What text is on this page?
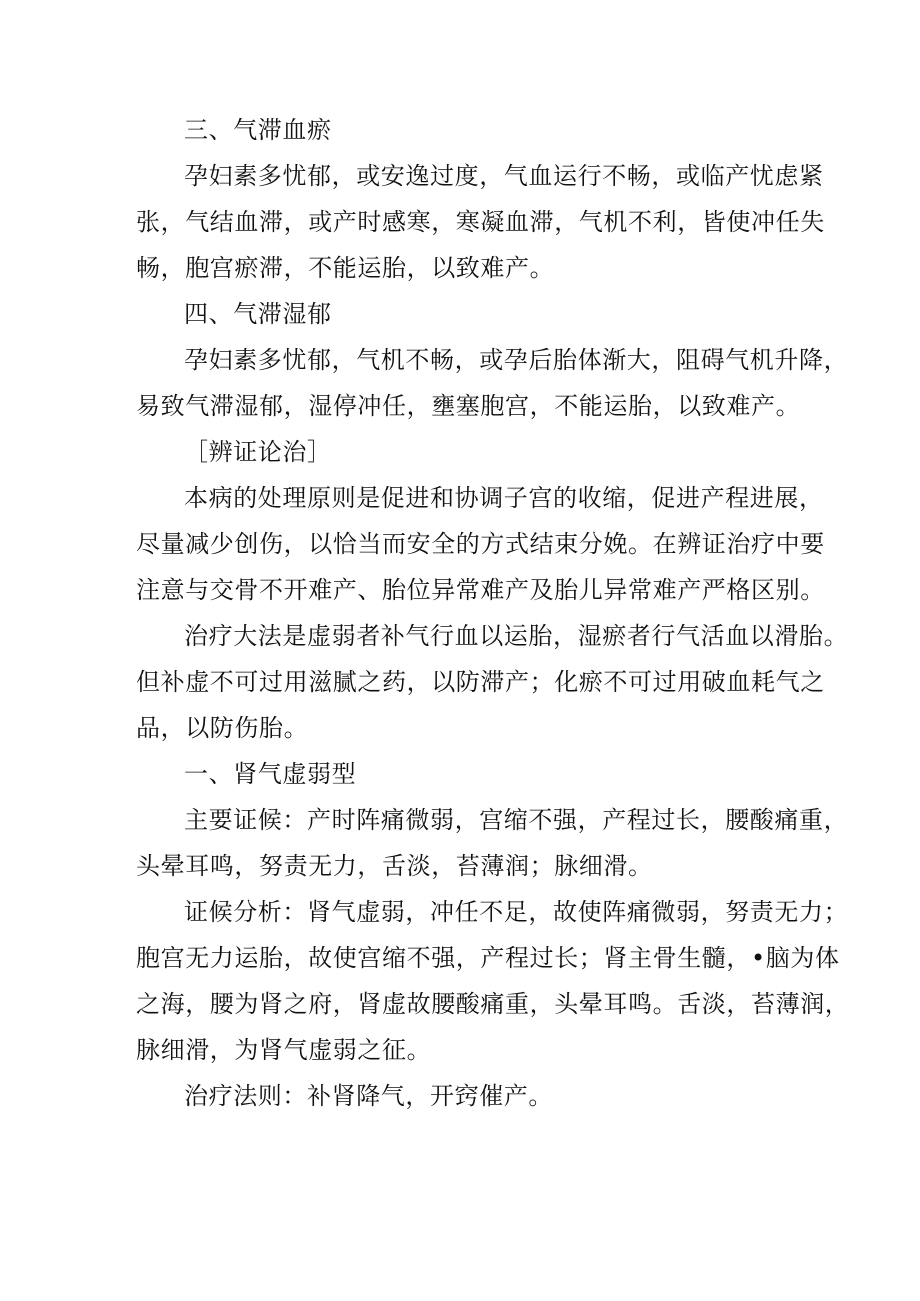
三、气滞血瘀
孕妇素多忧郁，或安逸过度，气血运行不畅，或临产忧虑紧
张，气结血滞，或产时感寒，寒凝血滞，气机不利，皆使冲任失
畅，胞宫瘀滞，不能运胎，以致难产。
四、气滞湿郁
孕妇素多忧郁，气机不畅，或孕后胎体渐大，阻碍气机升降，
易致气滞湿郁，湿停冲任，壅塞胞宫，不能运胎，以致难产。
［辨证论治］
本病的处理原则是促进和协调子宫的收缩，促进产程进展，
尽量减少创伤，以恰当而安全的方式结束分娩。在辨证治疗中要
注意与交骨不开难产、胎位异常难产及胎儿异常难产严格区别。
治疗大法是虚弱者补气行血以运胎，湿瘀者行气活血以滑胎。
但补虚不可过用滋腻之药，以防滞产；化瘀不可过用破血耗气之
品，以防伤胎。
一、肾气虚弱型
主要证候：产时阵痛微弱，宫缩不强，产程过长，腰酸痛重，
头晕耳鸣，努责无力，舌淡，苔薄润；脉细滑。
证候分析：肾气虚弱，冲任不足，故使阵痛微弱，努责无力；
胞宫无力运胎，故使宫缩不强，产程过长；肾主骨生髓，•脑为体
之海，腰为肾之府，肾虚故腰酸痛重，头晕耳鸣。舌淡，苔薄润，
脉细滑，为肾气虚弱之征。
治疗法则：补肾降气，开窍催产。
